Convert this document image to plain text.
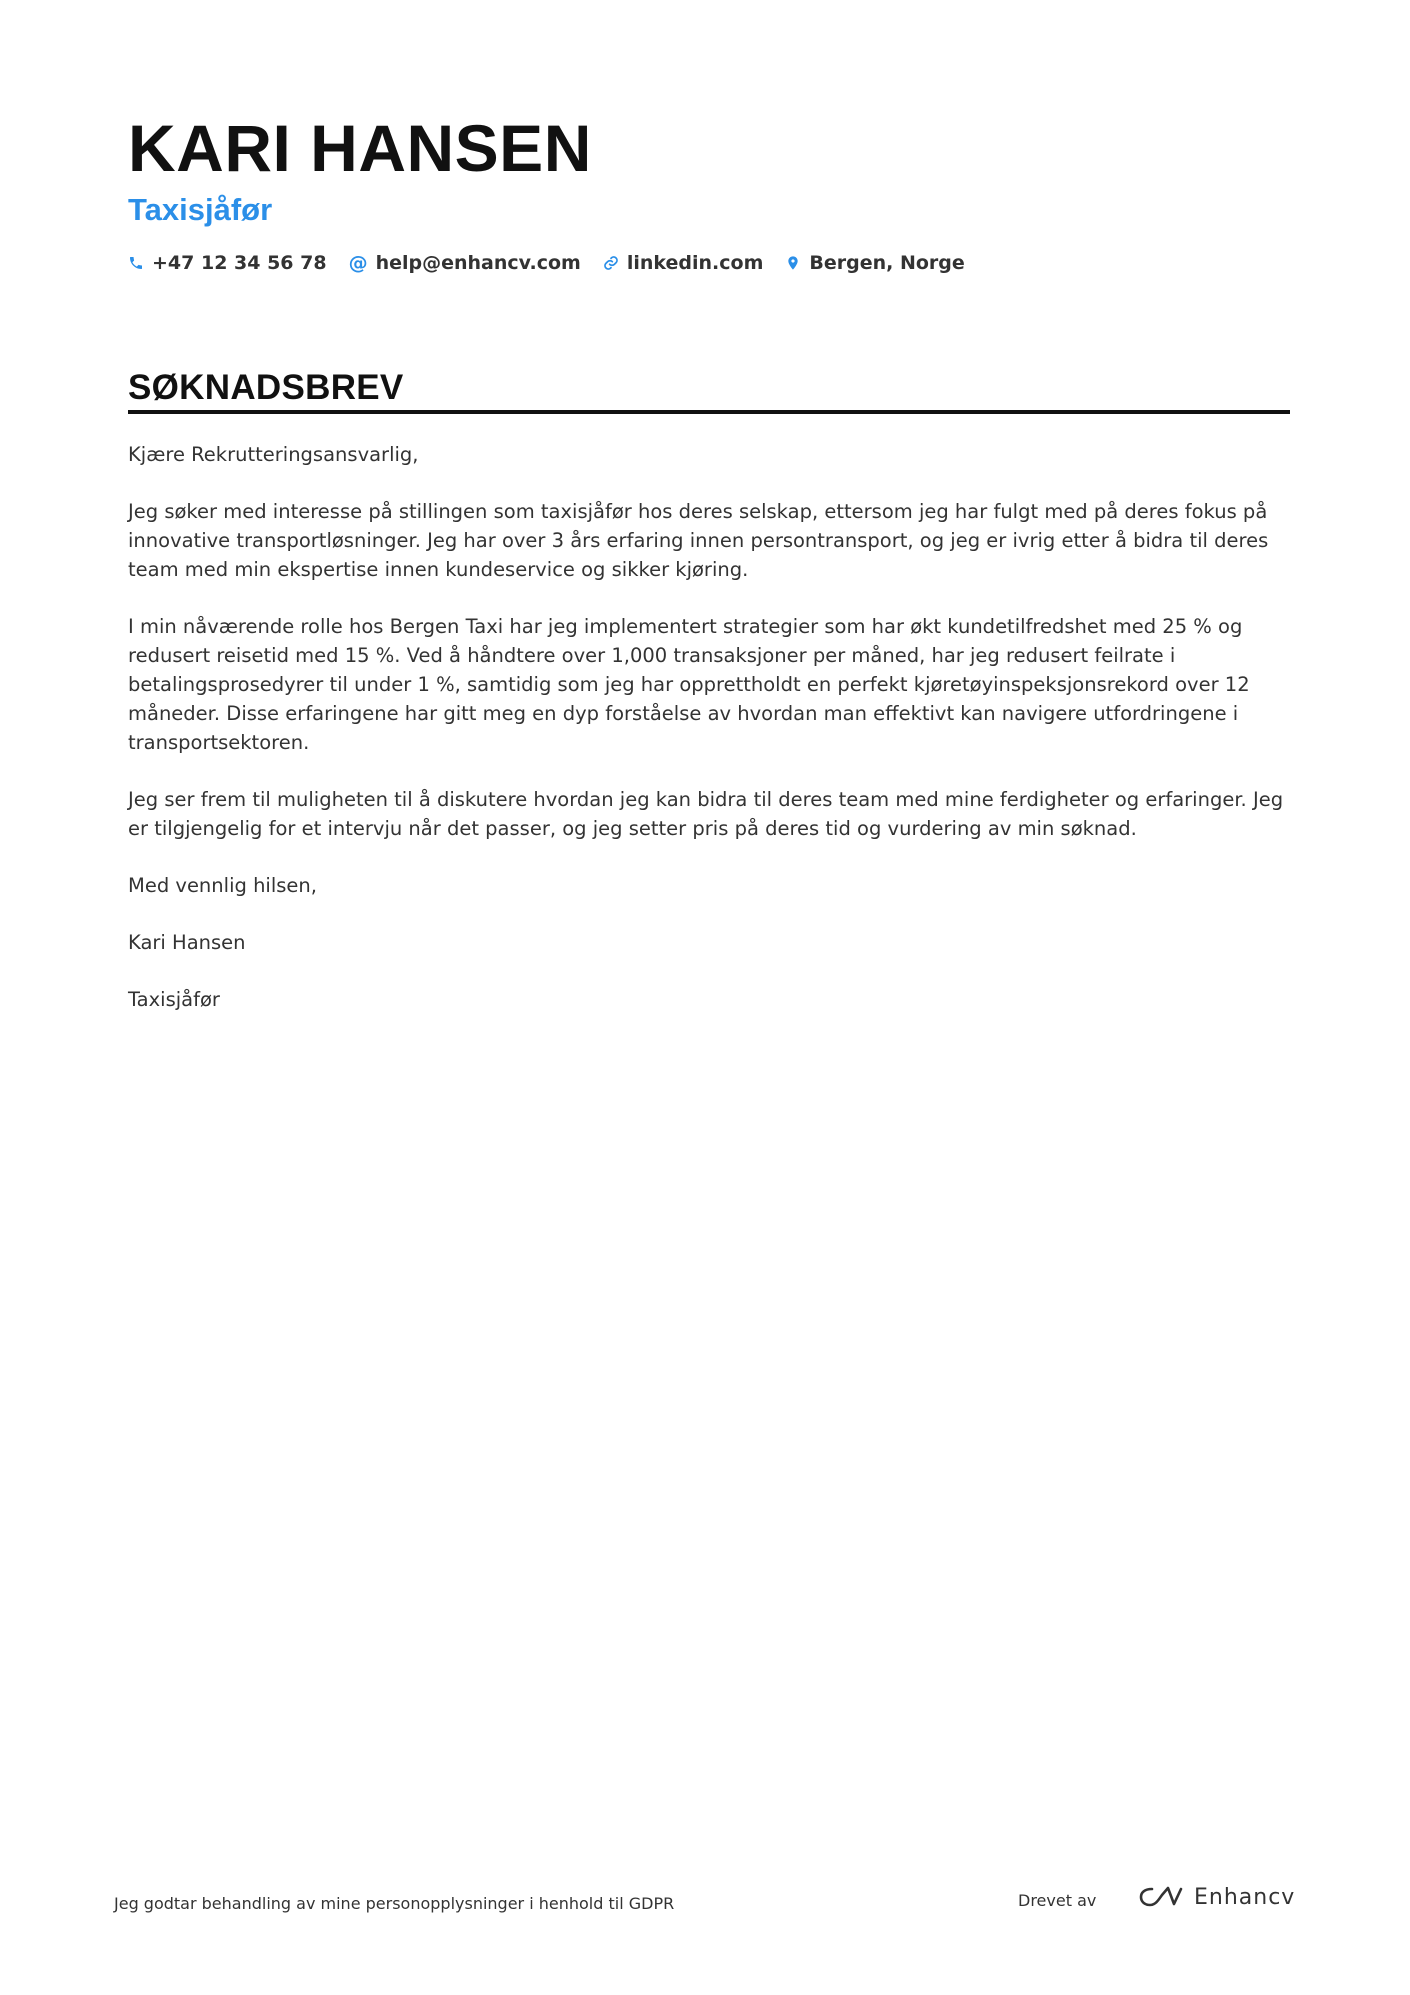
KARI HANSEN
Taxisjåfør
+47 12 34 56 78 @ help@enhancv.com linkedin.com Bergen, Norge
SØKNADSBREV

Kjære Rekrutteringsansvarlig,

Jeg søker med interesse på stillingen som taxisjåfør hos deres selskap, ettersom jeg har fulgt med på deres fokus på innovative transportløsninger. Jeg har over 3 års erfaring innen persontransport, og jeg er ivrig etter å bidra til deres team med min ekspertise innen kundeservice og sikker kjøring.

I min nåværende rolle hos Bergen Taxi har jeg implementert strategier som har økt kundetilfredshet med 25 % og redusert reisetid med 15 %. Ved å håndtere over 1,000 transaksjoner per måned, har jeg redusert feilrate i betalingsprosedyrer til under 1 %, samtidig som jeg har opprettholdt en perfekt kjøretøyinspeksjonsrekord over 12 måneder. Disse erfaringene har gitt meg en dyp forståelse av hvordan man effektivt kan navigere utfordringene i transportsektoren.

Jeg ser frem til muligheten til å diskutere hvordan jeg kan bidra til deres team med mine ferdigheter og erfaringer. Jeg er tilgjengelig for et intervju når det passer, og jeg setter pris på deres tid og vurdering av min søknad.

Med vennlig hilsen,

Kari Hansen

Taxisjåfør

Jeg godtar behandling av mine personopplysninger i henhold til GDPR	Drevet av	Enhancv
